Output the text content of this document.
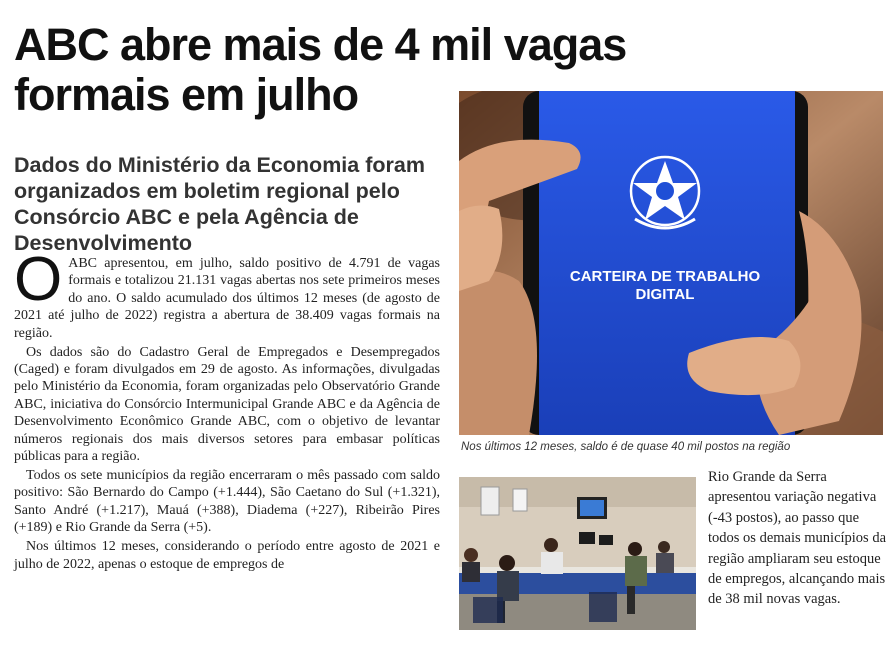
ABC abre mais de 4 mil vagas formais em julho
Dados do Ministério da Economia foram organizados em boletim regional pelo Consórcio ABC e pela Agência de Desenvolvimento

OABC apresentou, em julho, saldo positivo de 4.791 de vagas formais e totalizou 21.131 vagas abertas nos sete primeiros meses do ano. O saldo acumulado dos últimos 12 meses (de agosto de 2021 até julho de 2022) registra a abertura de 38.409 vagas formais na região.

Os dados são do Cadastro Geral de Empregados e Desempregados (Caged) e foram divulgados em 29 de agosto. As informações, divulgadas pelo Ministério da Economia, foram organizadas pelo Observatório Grande ABC, iniciativa do Consórcio Intermunicipal Grande ABC e da Agência de Desenvolvimento Econômico Grande ABC, com o objetivo de levantar números regionais dos mais diversos setores para embasar políticas públicas para a região.

Todos os sete municípios da região encerraram o mês passado com saldo positivo: São Bernardo do Campo (+1.444), São Caetano do Sul (+1.321), Santo André (+1.217), Mauá (+388), Diadema (+227), Ribeirão Pires (+189) e Rio Grande da Serra (+5).

Nos últimos 12 meses, considerando o período entre agosto de 2021 e julho de 2022, apenas o estoque de empregos de

CARTEIRA DE TRABALHO
DIGITAL
Nos últimos 12 meses, saldo é de quase 40 mil postos na região
Rio Grande da Serra apresentou variação negativa (-43 postos), ao passo que todos os demais municípios da região ampliaram seu estoque de empregos, alcançando mais de 38 mil novas vagas.
